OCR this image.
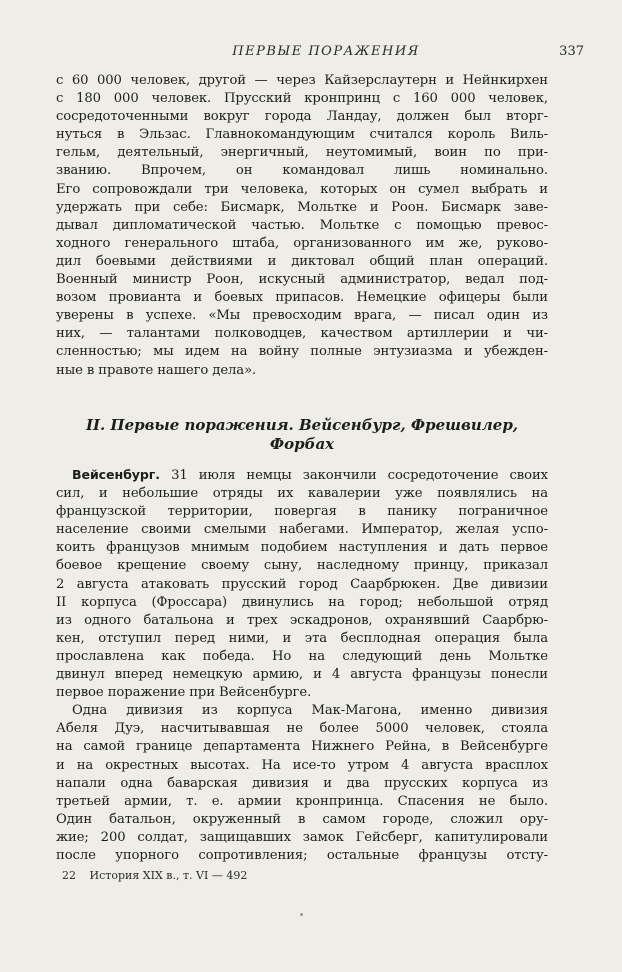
ПЕРВЫЕ ПОРАЖЕНИЯ	337
с 60 000 человек, другой — через Кайзерслаутерн и Нейнкирхен
с 180 000 человек. Прусский кронпринц с 160 000 человек,
сосредоточенными вокруг города Ландау, должен был вторг-
нуться в Эльзас. Главнокомандующим считался король Виль-
гельм, деятельный, энергичный, неутомимый, воин по при-
званию. Впрочем, он командовал лишь номинально.
Его сопровождали три человека, которых он сумел выбрать и
удержать при себе: Бисмарк, Мольтке и Роон. Бисмарк заве-
дывал дипломатической частью. Мольтке с помощью превос-
ходного генерального штаба, организованного им же, руково-
дил боевыми действиями и диктовал общий план операций.
Военный министр Роон, искусный администратор, ведал под-
возом провианта и боевых припасов. Немецкие офицеры были
уверены в успехе. «Мы превосходим врага, — писал один из
них, — талантами полководцев, качеством артиллерии и чи-
сленностью; мы идем на войну полные энтузиазма и убежден-
ные в правоте нашего дела».
II. Первые поражения. Вейсенбург, Фрешвилер,
Форбах
Вейсенбург. 31 июля немцы закончили сосредоточение своих
сил, и небольшие отряды их кавалерии уже появлялись на
французской территории, повергая в панику пограничное
население своими смелыми набегами. Император, желая успо-
коить французов мнимым подобием наступления и дать первое
боевое крещение своему сыну, наследному принцу, приказал
2 августа атаковать прусский город Саарбрюкен. Две дивизии
II корпуса (Фроссара) двинулись на город; небольшой отряд
из одного батальона и трех эскадронов, охранявший Саарбрю-
кен, отступил перед ними, и эта бесплодная операция была
прославлена как победа. Но на следующий день Мольтке
двинул вперед немецкую армию, и 4 августа французы понесли
первое поражение при Вейсенбурге.
Одна дивизия из корпуса Мак-Магона, именно дивизия
Абеля Дуэ, насчитывавшая не более 5000 человек, стояла
на самой границе департамента Нижнего Рейна, в Вейсенбурге
и на окрестных высотах. На исе-то утром 4 августа врасплох
напали одна баварская дивизия и два прусских корпуса из
третьей армии, т. е. армии кронпринца. Спасения не было.
Один батальон, окруженный в самом городе, сложил ору-
жие; 200 солдат, защищавших замок Гейсберг, капитулировали
после упорного сопротивления; остальные французы отсту-
22 История XIX в., т. VI — 492
